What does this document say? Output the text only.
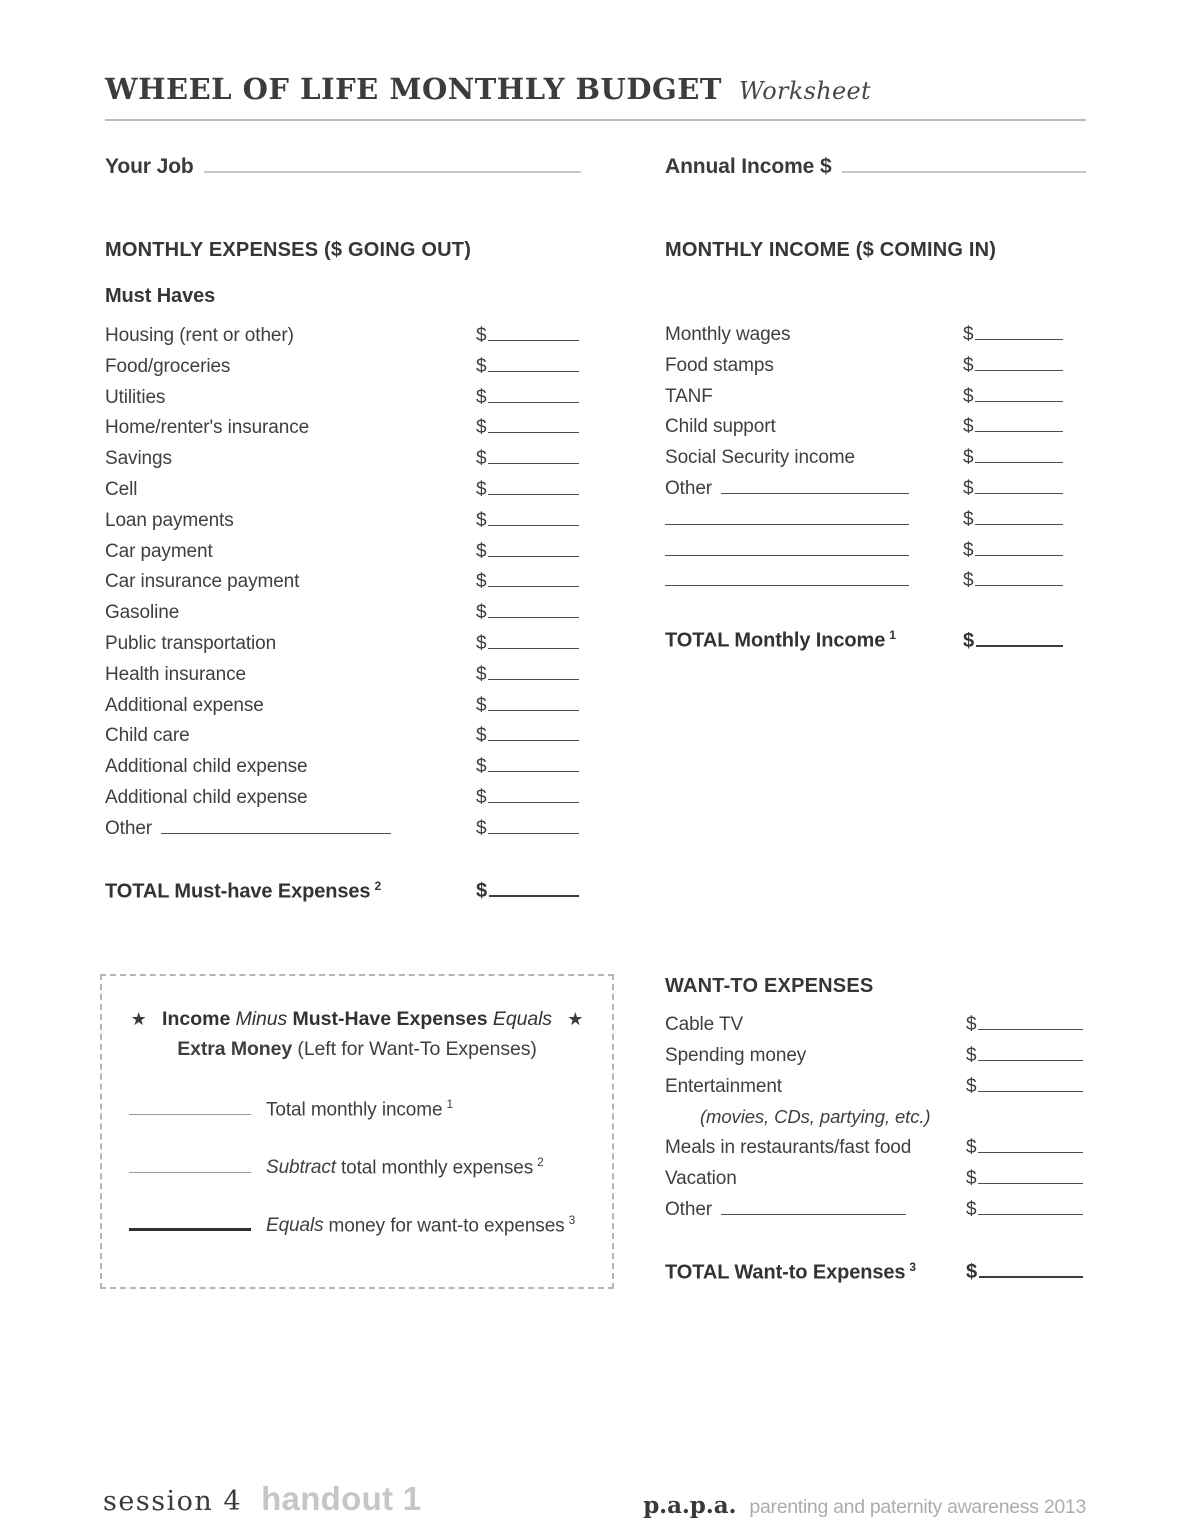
WHEEL OF LIFE MONTHLY BUDGET Worksheet
Your Job	Annual Income $
MONTHLY EXPENSES ($ GOING OUT)
Must Haves
Housing (rent or other)	$
Food/groceries	$
Utilities	$
Home/renter's insurance	$
Savings	$
Cell	$
Loan payments	$
Car payment	$
Car insurance payment	$
Gasoline	$
Public transportation	$
Health insurance	$
Additional expense	$
Child care	$
Additional child expense	$
Additional child expense	$
Other	$
TOTAL Must-have Expenses $^2$	$
MONTHLY INCOME ($ COMING IN)
Monthly wages	$
Food stamps	$
TANF	$
Child support	$
Social Security income	$
Other	$
$
$
$
TOTAL Monthly Income $^1$	$
★ Income Minus Must-Have Expenses Equals ★
Extra Money (Left for Want-To Expenses)
Total monthly income $^1$
Subtract total monthly expenses $^2$
Equals money for want-to expenses $^3$
WANT-TO EXPENSES
Cable TV	$
Spending money	$
Entertainment	$
(movies, CDs, partying, etc.)
Meals in restaurants/fast food	$
Vacation	$
Other	$
TOTAL Want-to Expenses $^3$	$
session 4 handout 1	p.a.p.a. parenting and paternity awareness 2013
